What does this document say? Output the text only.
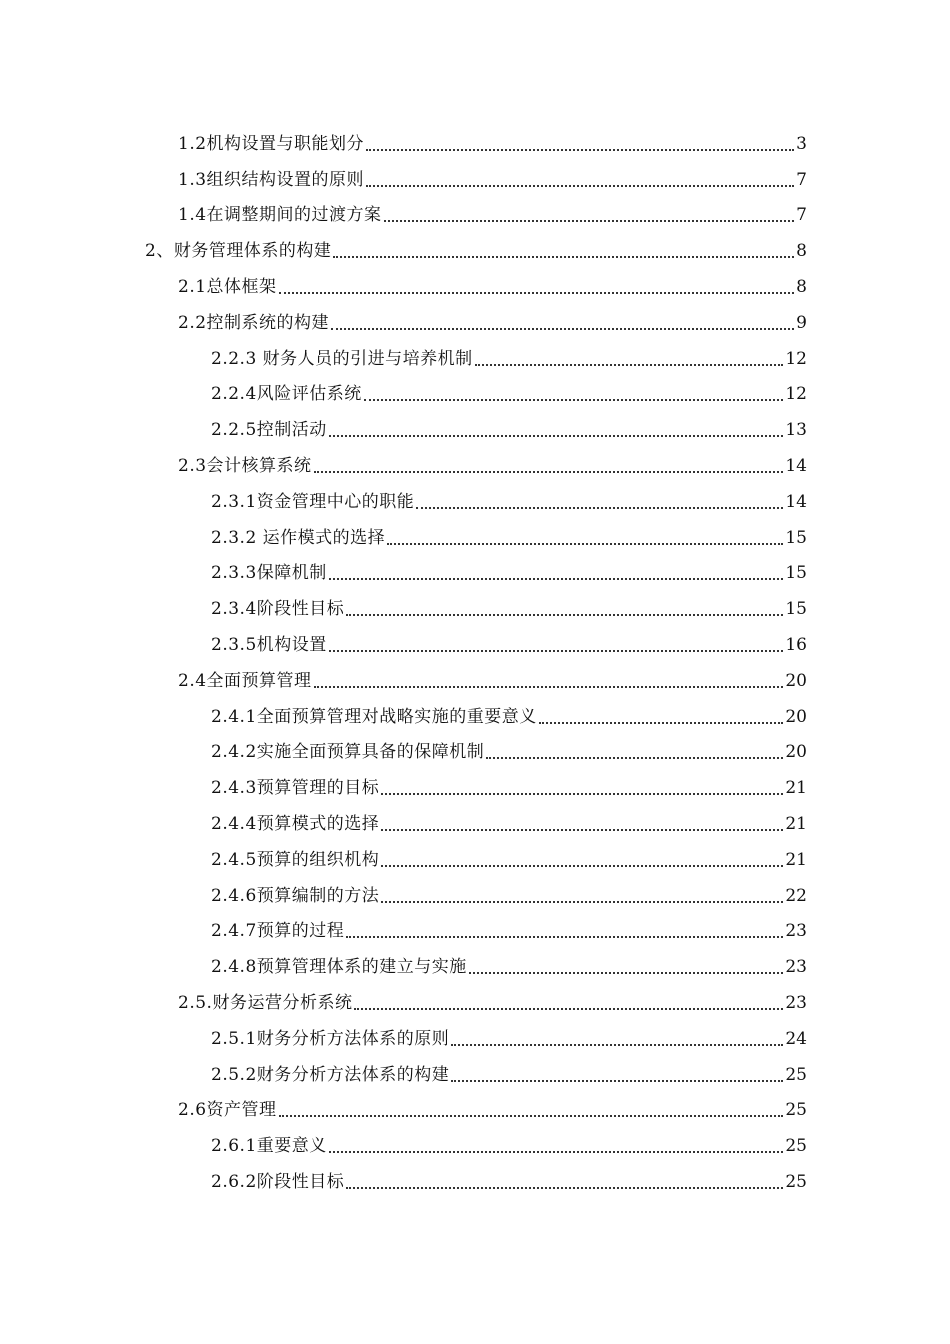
1.2机构设置与职能划分	3
1.3组织结构设置的原则	7
1.4在调整期间的过渡方案	7
2、财务管理体系的构建	8
2.1总体框架	8
2.2控制系统的构建	9
2.2.3 财务人员的引进与培养机制	12
2.2.4风险评估系统	12
2.2.5控制活动	13
2.3会计核算系统	14
2.3.1资金管理中心的职能	14
2.3.2 运作模式的选择	15
2.3.3保障机制	15
2.3.4阶段性目标	15
2.3.5机构设置	16
2.4全面预算管理	20
2.4.1全面预算管理对战略实施的重要意义	20
2.4.2实施全面预算具备的保障机制	20
2.4.3预算管理的目标	21
2.4.4预算模式的选择	21
2.4.5预算的组织机构	21
2.4.6预算编制的方法	22
2.4.7预算的过程	23
2.4.8预算管理体系的建立与实施	23
2.5.财务运营分析系统	23
2.5.1财务分析方法体系的原则	24
2.5.2财务分析方法体系的构建	25
2.6资产管理	25
2.6.1重要意义	25
2.6.2阶段性目标	25
